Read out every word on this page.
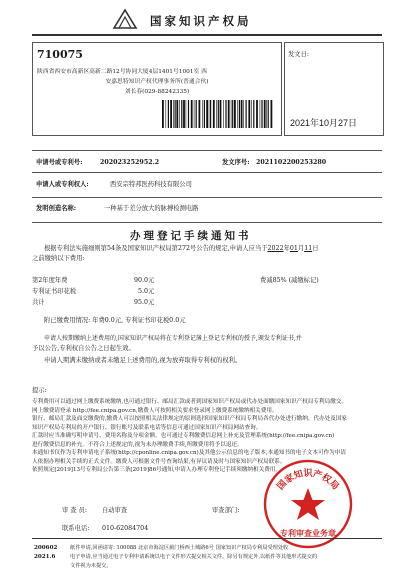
国家知识产权局
710075
陕西省西安市高新区高新二路12号协同大厦4层1401号1001室 西
安嘉思特知识产权代理事务所(普通合伙)
刘长春(029-88242335)
发文日:
2021年10月27日
申请号或专利号:	202023252952.2	发文序号: 2021102200253280
申请人或专利权人:	西安宗特邦医药科技有限公司
发明创造名称:	一种基于差分放大的脉搏检测电路
办理登记手续通知书
根据专利法实施细则第54条及国家知识产权局第272号公告的规定,申请人应当于2022年01月11日
之前缴纳以下费用:
第2年度年费	90.0元	费减85% (减缴标记)
专利证书印花税	5.0元
共计	95.0元
附已缴费用情况: 年费0.0元, 专利证书印花税0.0元
申请人按期缴纳上述费用的,国家知识产权局将在专利登记簿上登记专利权的授予,颁发专利证书,并
予以公告,专利权自公告之日起生效。
申请人期满未缴纳或者未缴足上述费用的,视为放弃取得专利权的权利。
提示:
专利费用可以通过网上缴费系统缴纳,也可通过银行、邮局汇款或者到国家知识产权局或代办处面缴国家知识产权局专利局缴交。
网上缴费请登录 http://fee.cnipa.gov.cn,缴费人可按照相关要求登录网上缴费系统缴纳相关费用。
银行、邮局汇款及面交缴费的,缴费人可以按照相关法律规定的原则选择国家知识产权局专利局各代办处进行缴纳。代办处及国家
知识产权局专利局的开户银行、银行账号及联系电话等信息可通过国家知识产权局网站查询。
汇款时应当准确写明申请号、费用名称及分项金额。也可通过专利缴费信息网上补充及管理系统(http://fee.cnipa.gov.cn)
进行缴费信息的补充。不符合上述规定的,视为未办理缴费手续,所缴费用将予以退还。
本通知书仅作为专利申请电子系统(http://cponline.cnipa.gov.cn)及其他公示信息的电子版本,本通知书的电子文本可作为申请
人依据办理相关手续的正式文件。缴费人可根据文件号查询结果,有异议请及时与国家知识产权局联系。
依照规定[2019]13号专利局公告第三条[2019]86号通知,申请人办理专利登记手续须缴纳相关费用。
审 查 员: 自动审查	审查部门:
联系电话: 010-62084704
国家知识产权局
专利审查业务章
200602
2021.6
纸件申请,回函请寄: 100088 北京市海淀区蓟门桥西土城路6号 国家知识产权局专利局受理处收
电子申请,应当通过电子专利申请系统以电子文件形式提交相关文件。除另有规定外,以纸件等其他形式提交的
文件视为未提交。
